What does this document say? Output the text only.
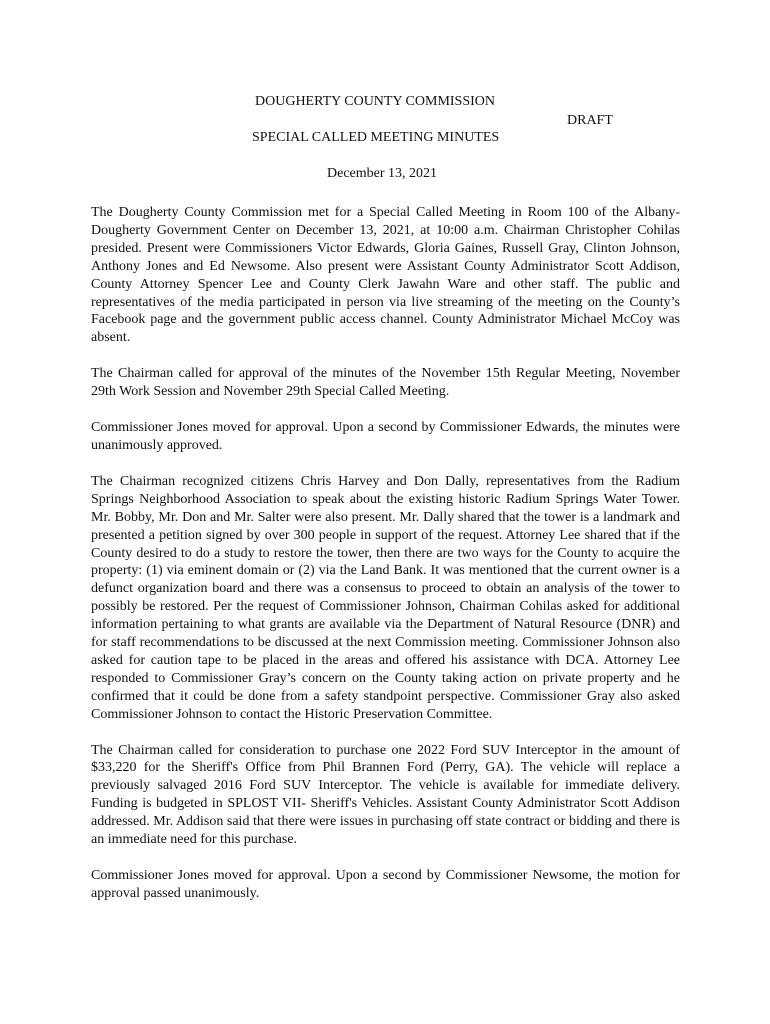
DOUGHERTY COUNTY COMMISSION
DRAFT
SPECIAL CALLED MEETING MINUTES
December 13, 2021

The Dougherty County Commission met for a Special Called Meeting in Room 100 of the Albany-Dougherty Government Center on December 13, 2021, at 10:00 a.m. Chairman Christopher Cohilas presided. Present were Commissioners Victor Edwards, Gloria Gaines, Russell Gray, Clinton Johnson, Anthony Jones and Ed Newsome. Also present were Assistant County Administrator Scott Addison, County Attorney Spencer Lee and County Clerk Jawahn Ware and other staff. The public and representatives of the media participated in person via live streaming of the meeting on the County’s Facebook page and the government public access channel. County Administrator Michael McCoy was absent.

The Chairman called for approval of the minutes of the November 15th Regular Meeting, November 29th Work Session and November 29th Special Called Meeting.

Commissioner Jones moved for approval. Upon a second by Commissioner Edwards, the minutes were unanimously approved.

The Chairman recognized citizens Chris Harvey and Don Dally, representatives from the Radium Springs Neighborhood Association to speak about the existing historic Radium Springs Water Tower. Mr. Bobby, Mr. Don and Mr. Salter were also present. Mr. Dally shared that the tower is a landmark and presented a petition signed by over 300 people in support of the request. Attorney Lee shared that if the County desired to do a study to restore the tower, then there are two ways for the County to acquire the property: (1) via eminent domain or (2) via the Land Bank. It was mentioned that the current owner is a defunct organization board and there was a consensus to proceed to obtain an analysis of the tower to possibly be restored. Per the request of Commissioner Johnson, Chairman Cohilas asked for additional information pertaining to what grants are available via the Department of Natural Resource (DNR) and for staff recommendations to be discussed at the next Commission meeting. Commissioner Johnson also asked for caution tape to be placed in the areas and offered his assistance with DCA. Attorney Lee responded to Commissioner Gray’s concern on the County taking action on private property and he confirmed that it could be done from a safety standpoint perspective. Commissioner Gray also asked Commissioner Johnson to contact the Historic Preservation Committee.

The Chairman called for consideration to purchase one 2022 Ford SUV Interceptor in the amount of $33,220 for the Sheriff's Office from Phil Brannen Ford (Perry, GA). The vehicle will replace a previously salvaged 2016 Ford SUV Interceptor. The vehicle is available for immediate delivery. Funding is budgeted in SPLOST VII- Sheriff's Vehicles. Assistant County Administrator Scott Addison addressed. Mr. Addison said that there were issues in purchasing off state contract or bidding and there is an immediate need for this purchase.

Commissioner Jones moved for approval. Upon a second by Commissioner Newsome, the motion for approval passed unanimously.
